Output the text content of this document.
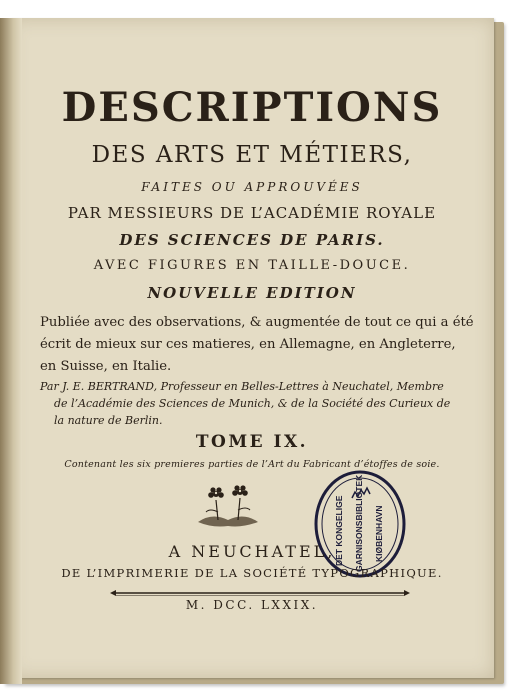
DESCRIPTIONS
DES ARTS ET MÉTIERS,
FAITES OU APPROUVÉES
PAR MESSIEURS DE L’ACADÉMIE ROYALE
DES SCIENCES DE PARIS.
AVEC FIGURES EN TAILLE-DOUCE.
NOUVELLE EDITION
Publiée avec des observations, & augmentée de tout ce qui a été
écrit de mieux sur ces matieres, en Allemagne, en Angleterre,
en Suisse, en Italie.
Par J. E. BERTRAND, Professeur en Belles-Lettres à Neuchatel, Membre
de l’Académie des Sciences de Munich, & de la Société des Curieux de
la nature de Berlin.
TOME IX.
Contenant les six premieres parties de l’Art du Fabricant d’étoffes de soie.
DET KONGELIGE GARNISONSBIBLIOTEK KIØBENHAVN
A NEUCHATEL,
DE L’IMPRIMERIE DE LA SOCIÉTÉ TYPOGRAPHIQUE.
M. DCC. LXXIX.
